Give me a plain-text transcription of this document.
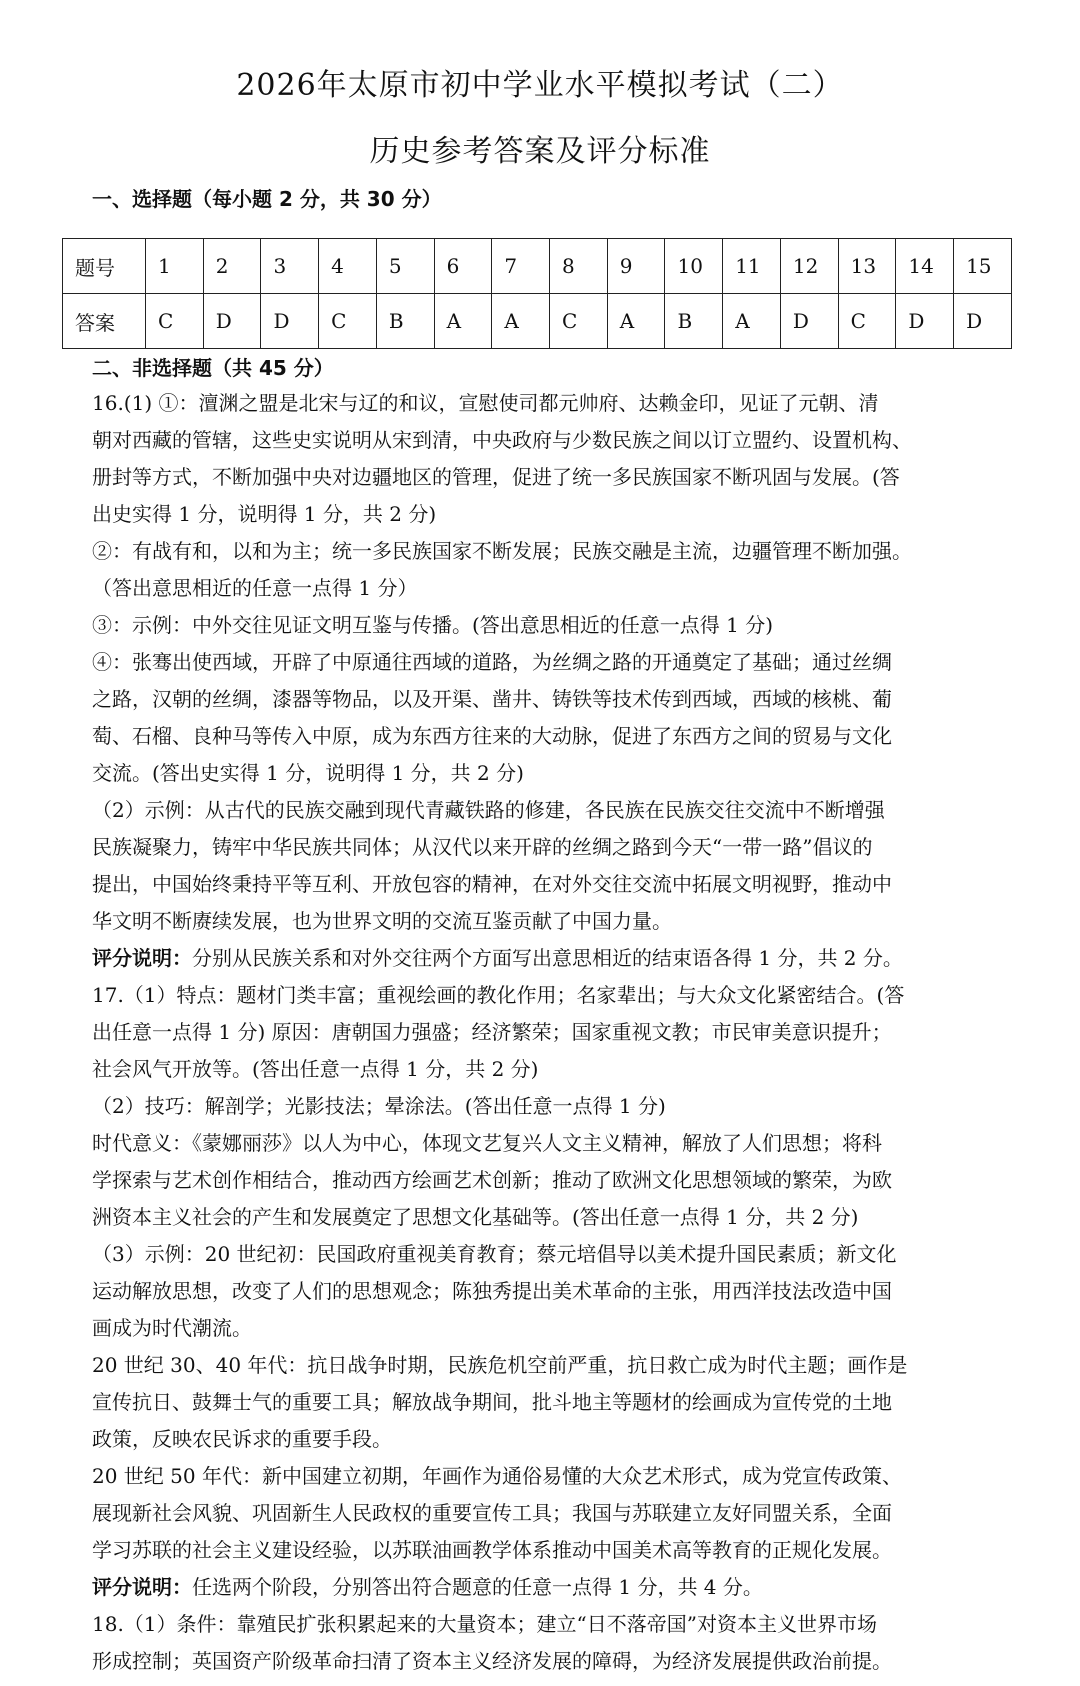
2026年太原市初中学业水平模拟考试（二）
历史参考答案及评分标准
一、选择题（每小题 2 分，共 30 分）
题号	1	2	3	4	5	6	7	8	9	10	11	12	13	14	15
答案	C	D	D	C	B	A	A	C	A	B	A	D	C	D	D
二、非选择题（共 45 分）
16.(1) ①：澶渊之盟是北宋与辽的和议，宣慰使司都元帅府、达赖金印，见证了元朝、清
朝对西藏的管辖，这些史实说明从宋到清，中央政府与少数民族之间以订立盟约、设置机构、
册封等方式，不断加强中央对边疆地区的管理，促进了统一多民族国家不断巩固与发展。(答
出史实得 1 分，说明得 1 分，共 2 分)
②：有战有和，以和为主；统一多民族国家不断发展；民族交融是主流，边疆管理不断加强。
（答出意思相近的任意一点得 1 分）
③：示例：中外交往见证文明互鉴与传播。(答出意思相近的任意一点得 1 分)
④：张骞出使西域，开辟了中原通往西域的道路，为丝绸之路的开通奠定了基础；通过丝绸
之路，汉朝的丝绸，漆器等物品，以及开渠、凿井、铸铁等技术传到西域，西域的核桃、葡
萄、石榴、良种马等传入中原，成为东西方往来的大动脉，促进了东西方之间的贸易与文化
交流。(答出史实得 1 分，说明得 1 分，共 2 分)
（2）示例：从古代的民族交融到现代青藏铁路的修建，各民族在民族交往交流中不断增强
民族凝聚力，铸牢中华民族共同体；从汉代以来开辟的丝绸之路到今天“一带一路”倡议的
提出，中国始终秉持平等互利、开放包容的精神，在对外交往交流中拓展文明视野，推动中
华文明不断赓续发展，也为世界文明的交流互鉴贡献了中国力量。
评分说明：分别从民族关系和对外交往两个方面写出意思相近的结束语各得 1 分，共 2 分。
17.（1）特点：题材门类丰富；重视绘画的教化作用；名家辈出；与大众文化紧密结合。(答
出任意一点得 1 分) 原因：唐朝国力强盛；经济繁荣；国家重视文教；市民审美意识提升；
社会风气开放等。(答出任意一点得 1 分，共 2 分)
（2）技巧：解剖学；光影技法；晕涂法。(答出任意一点得 1 分)
时代意义：《蒙娜丽莎》以人为中心，体现文艺复兴人文主义精神，解放了人们思想；将科
学探索与艺术创作相结合，推动西方绘画艺术创新；推动了欧洲文化思想领域的繁荣，为欧
洲资本主义社会的产生和发展奠定了思想文化基础等。(答出任意一点得 1 分，共 2 分)
（3）示例：20 世纪初：民国政府重视美育教育；蔡元培倡导以美术提升国民素质；新文化
运动解放思想，改变了人们的思想观念；陈独秀提出美术革命的主张，用西洋技法改造中国
画成为时代潮流。
20 世纪 30、40 年代：抗日战争时期，民族危机空前严重，抗日救亡成为时代主题；画作是
宣传抗日、鼓舞士气的重要工具；解放战争期间，批斗地主等题材的绘画成为宣传党的土地
政策，反映农民诉求的重要手段。
20 世纪 50 年代：新中国建立初期，年画作为通俗易懂的大众艺术形式，成为党宣传政策、
展现新社会风貌、巩固新生人民政权的重要宣传工具；我国与苏联建立友好同盟关系，全面
学习苏联的社会主义建设经验，以苏联油画教学体系推动中国美术高等教育的正规化发展。
评分说明：任选两个阶段，分别答出符合题意的任意一点得 1 分，共 4 分。
18.（1）条件：靠殖民扩张积累起来的大量资本；建立“日不落帝国”对资本主义世界市场
形成控制；英国资产阶级革命扫清了资本主义经济发展的障碍，为经济发展提供政治前提。
